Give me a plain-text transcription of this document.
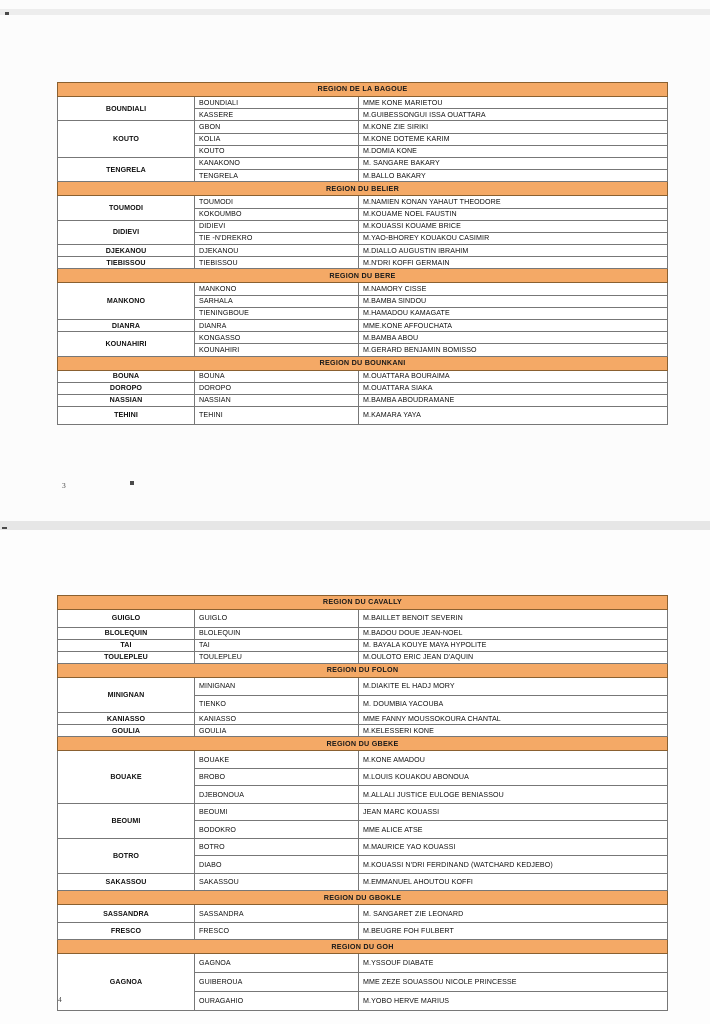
REGION DE LA BAGOUE		
BOUNDIALI	BOUNDIALI	MME KONE MARIETOU
	KASSERE	M.GUIBESSONGUI ISSA OUATTARA
KOUTO	GBON	M.KONE ZIE SIRIKI
	KOLIA	M.KONE DOTEME KARIM
	KOUTO	M.DOMIA KONE
TENGRELA	KANAKONO	M. SANGARE BAKARY
	TENGRELA	M.BALLO BAKARY
REGION DU BELIER		
TOUMODI	TOUMODI	M.NAMIEN KONAN YAHAUT THEODORE
	KOKOUMBO	M.KOUAME NOEL FAUSTIN
DIDIEVI	DIDIEVI	M.KOUASSI KOUAME BRICE
	TIE -N'DREKRO	M.YAO-BHOREY KOUAKOU CASIMIR
DJEKANOU	DJEKANOU	M.DIALLO AUGUSTIN IBRAHIM
TIEBISSOU	TIEBISSOU	M.N'DRI KOFFI GERMAIN
REGION DU BERE		
MANKONO	MANKONO	M.NAMORY CISSE
	SARHALA	M.BAMBA SINDOU
	TIENINGBOUE	M.HAMADOU KAMAGATE
DIANRA	DIANRA	MME.KONE AFFOUCHATA
KOUNAHIRI	KONGASSO	M.BAMBA ABOU
	KOUNAHIRI	M.GERARD BENJAMIN BOMISSO
REGION DU BOUNKANI		
BOUNA	BOUNA	M.OUATTARA BOURAIMA
DOROPO	DOROPO	M.OUATTARA SIAKA
NASSIAN	NASSIAN	M.BAMBA ABOUDRAMANE
TEHINI	TEHINI	M.KAMARA YAYA
3
REGION DU CAVALLY		
GUIGLO	GUIGLO	M.BAILLET BENOIT SEVERIN
BLOLEQUIN	BLOLEQUIN	M.BADOU DOUE JEAN-NOEL
TAI	TAI	M. BAYALA KOUYE MAYA HYPOLITE
TOULEPLEU	TOULEPLEU	M.OULOTO ERIC JEAN D'AQUIN
REGION DU FOLON		
MINIGNAN	MINIGNAN	M.DIAKITE EL HADJ MORY
	TIENKO	M. DOUMBIA YACOUBA
KANIASSO	KANIASSO	MME FANNY MOUSSOKOURA CHANTAL
GOULIA	GOULIA	M.KELESSERI KONE
REGION DU GBEKE		
BOUAKE	BOUAKE	M.KONE AMADOU
	BROBO	M.LOUIS KOUAKOU ABONOUA
	DJEBONOUA	M.ALLALI JUSTICE EULOGE BENIASSOU
BEOUMI	BEOUMI	JEAN MARC KOUASSI
	BODOKRO	MME ALICE ATSE
BOTRO	BOTRO	M.MAURICE YAO KOUASSI
	DIABO	M.KOUASSI N'DRI FERDINAND (WATCHARD KEDJEBO)
SAKASSOU	SAKASSOU	M.EMMANUEL AHOUTOU KOFFI
REGION DU GBOKLE		
SASSANDRA	SASSANDRA	M. SANGARET ZIE LEONARD
FRESCO	FRESCO	M.BEUGRE FOH FULBERT
REGION DU GOH		
GAGNOA	GAGNOA	M.YSSOUF DIABATE
	GUIBEROUA	MME ZEZE SOUASSOU NICOLE PRINCESSE
	OURAGAHIO	M.YOBO HERVE MARIUS
4
